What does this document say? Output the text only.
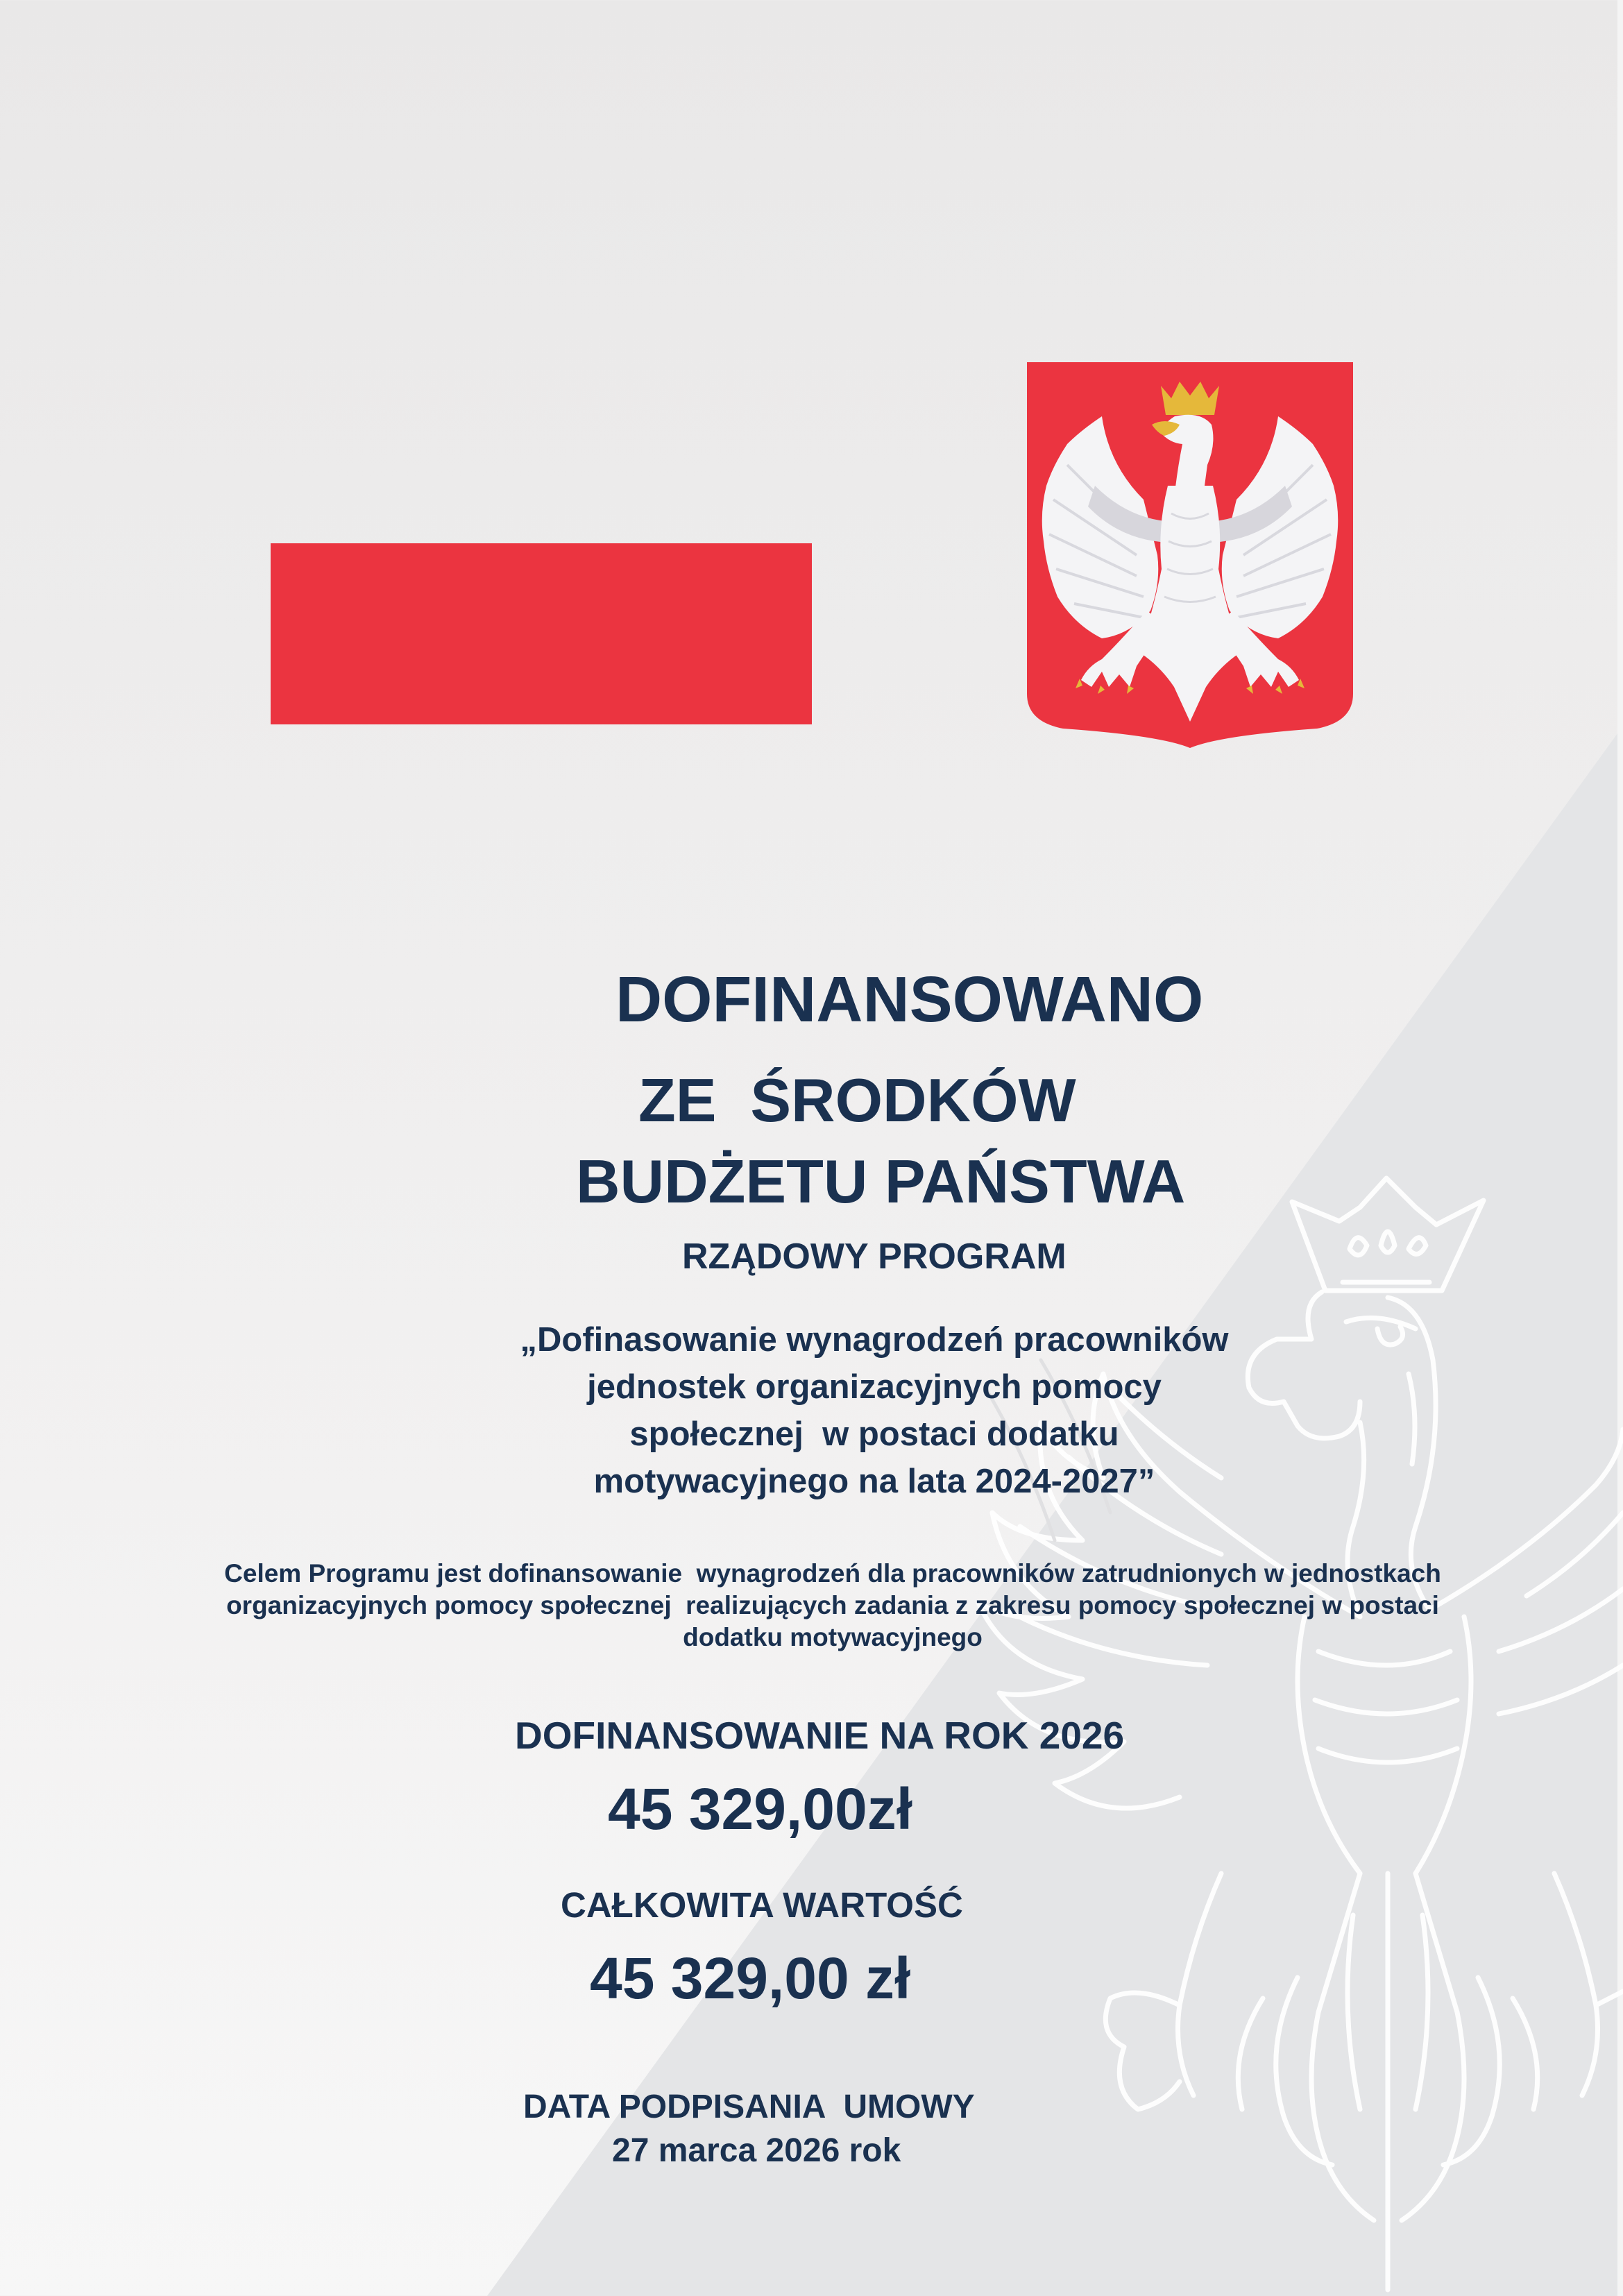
DOFINANSOWANO
ZE  ŚRODKÓW
BUDŻETU PAŃSTWA
RZĄDOWY PROGRAM
„Dofinasowanie wynagrodzeń pracowników
jednostek organizacyjnych pomocy
społecznej  w postaci dodatku
motywacyjnego na lata 2024-2027”
Celem Programu jest dofinansowanie  wynagrodzeń dla pracowników zatrudnionych w jednostkach
organizacyjnych pomocy społecznej  realizujących zadania z zakresu pomocy społecznej w postaci
dodatku motywacyjnego
DOFINANSOWANIE NA ROK 2026
45 329,00zł
CAŁKOWITA WARTOŚĆ
45 329,00 zł
DATA PODPISANIA  UMOWY
27 marca 2026 rok
